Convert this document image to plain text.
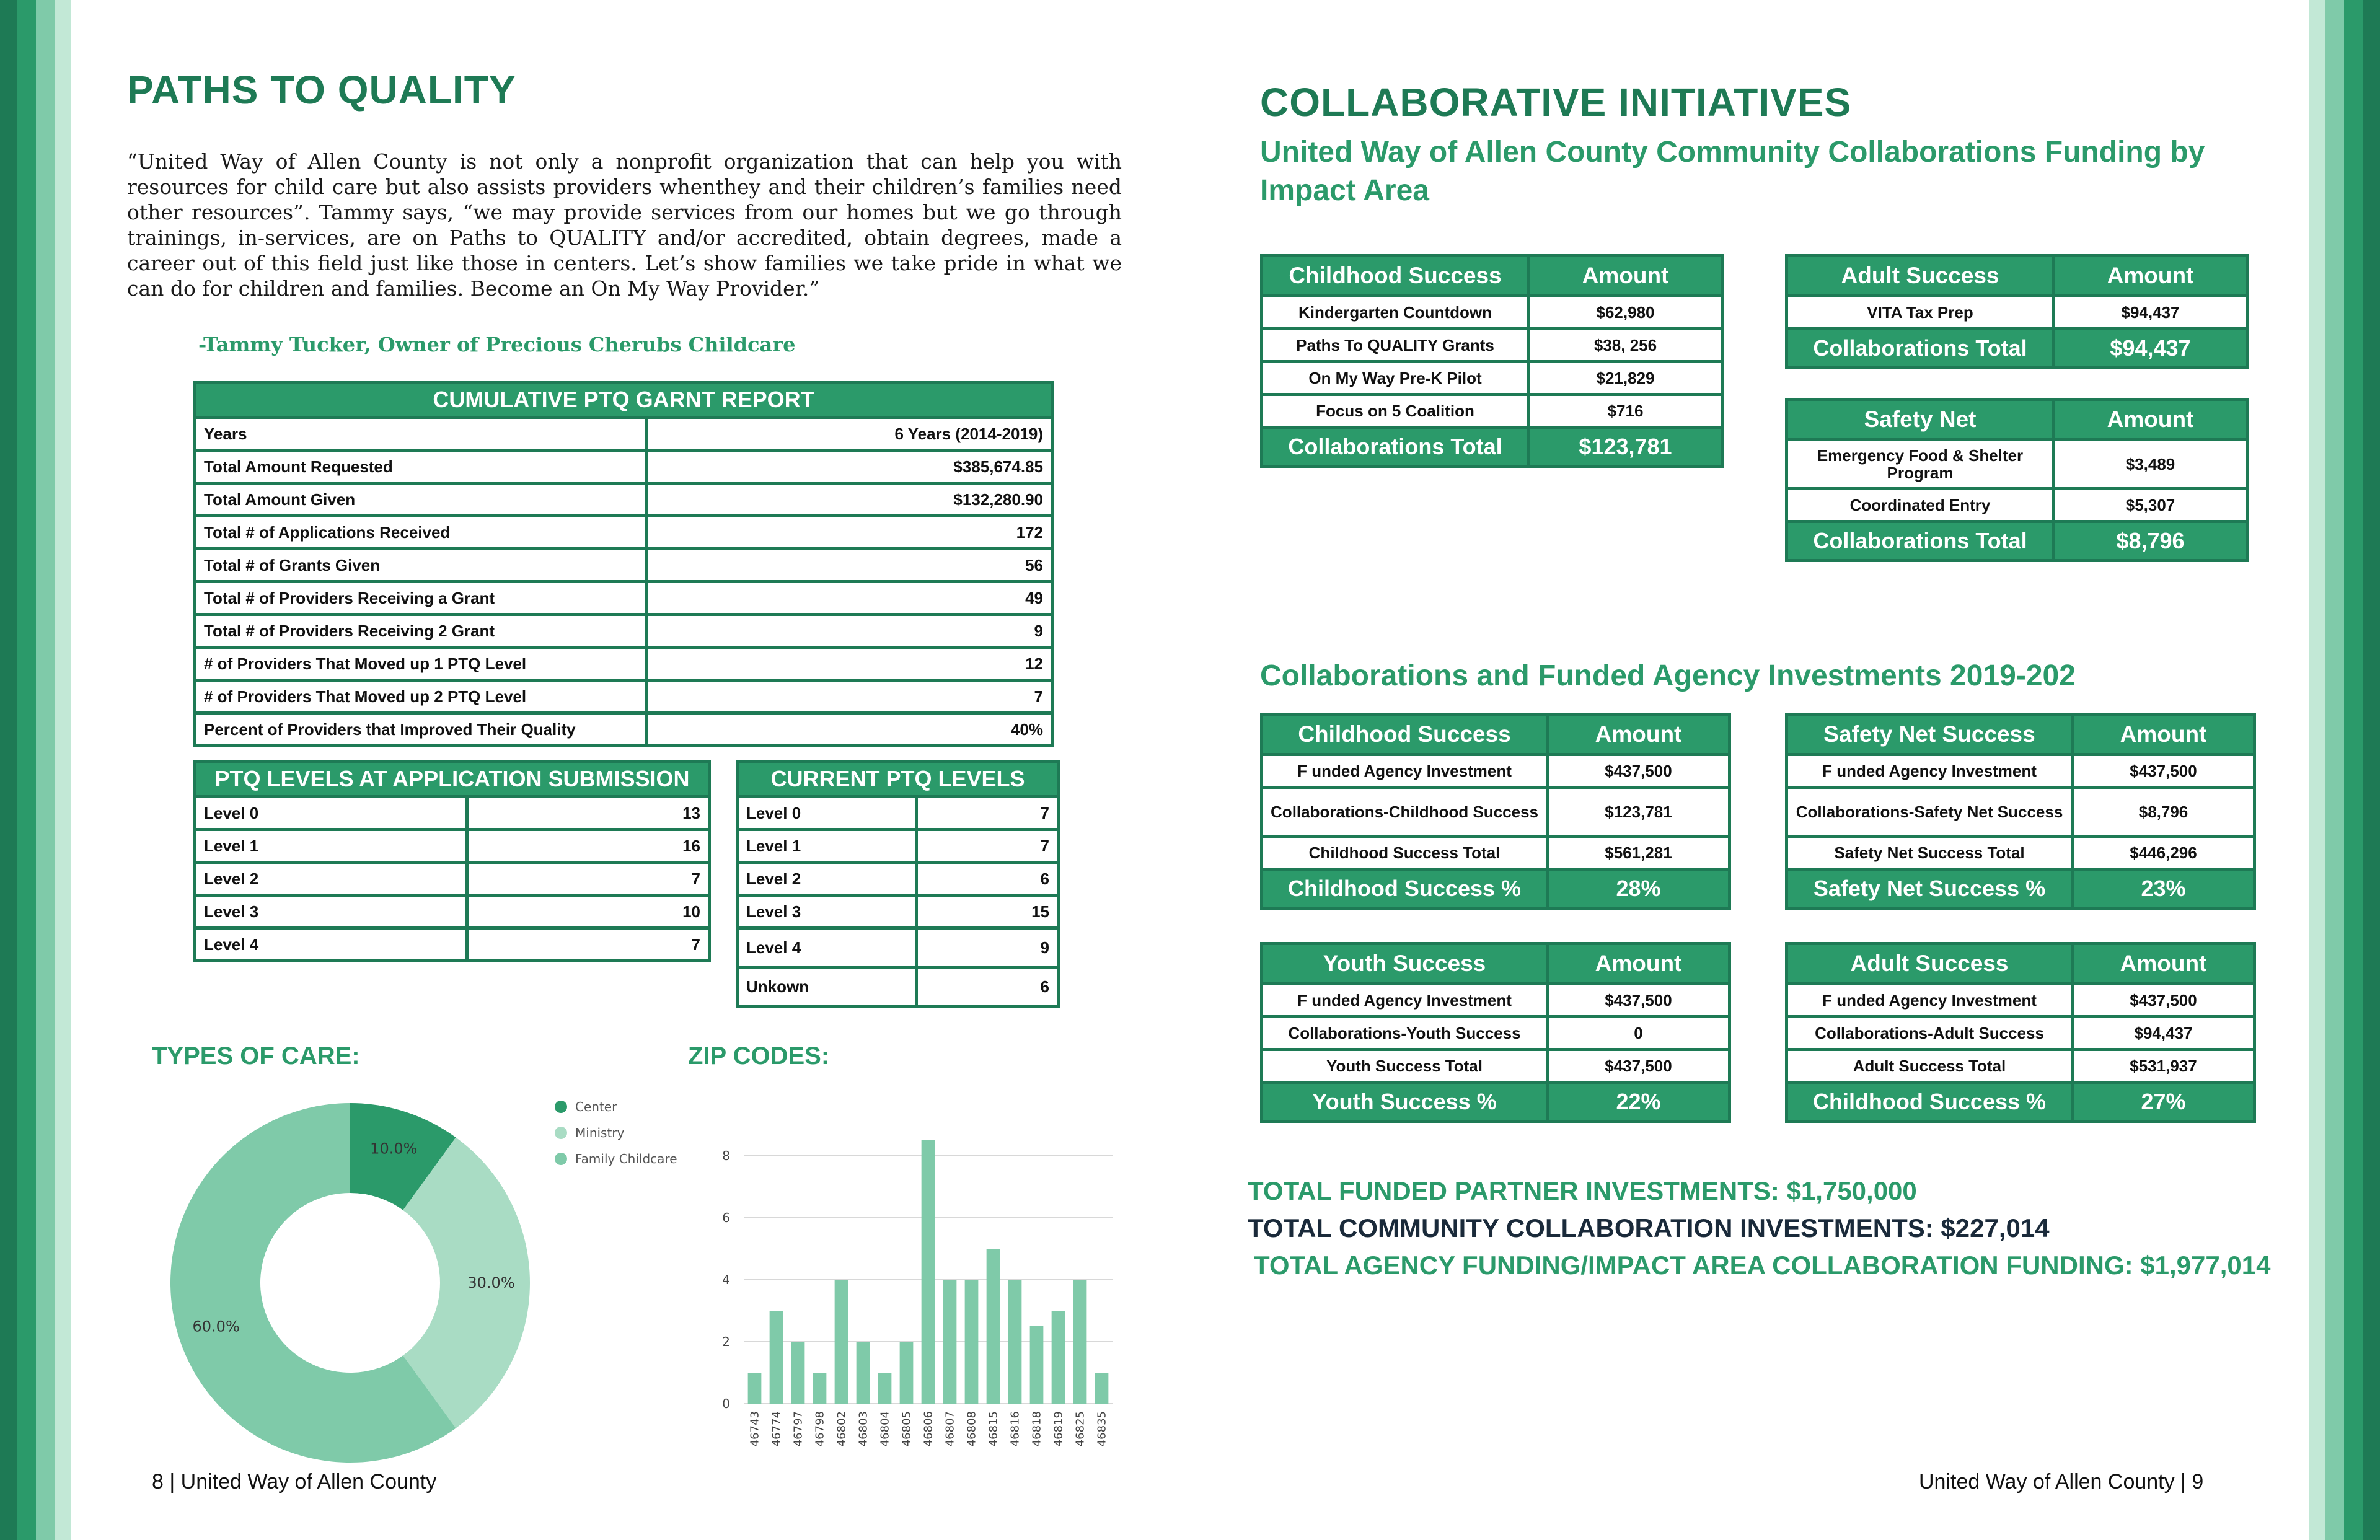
PATHS TO QUALITY
“United Way of Allen County is not only a nonprofit organization that can help you with resources for child care but also assists providers whenthey and their children’s families need other resources”. Tammy says, “we may provide services from our homes but we go through trainings, in-services, are on Paths to QUALITY and/or accredited, obtain degrees, made a career out of this field just like those in centers. Let’s show families we take pride in what we can do for children and families. Become an On My Way Provider.”
-Tammy Tucker, Owner of Precious Cherubs Childcare
CUMULATIVE PTQ GARNT REPORT	
Years	6 Years (2014-2019)
Total Amount Requested	$385,674.85
Total Amount Given	$132,280.90
Total # of Applications Received	172
Total # of Grants Given	56
Total # of Providers Receiving a Grant	49
Total # of Providers Receiving 2 Grant	9
# of Providers That Moved up 1 PTQ Level	12
# of Providers That Moved up 2 PTQ Level	7
Percent of Providers that Improved Their Quality	40%
PTQ LEVELS AT APPLICATION SUBMISSION	
Level 0	13
Level 1	16
Level 2	7
Level 3	10
Level 4	7
CURRENT PTQ LEVELS	
Level 0	7
Level 1	7
Level 2	6
Level 3	15
Level 4	9
Unkown	6
TYPES OF CARE:	ZIP CODES:
10.0%
30.0%
60.0%
Center
Ministry
Family Childcare
0
2
4
6
8
46743 46774 46797 46798 46802 46803 46804 46805 46806 46807 46808 46815 46816 46818 46819 46825 46835
8 | United Way of Allen County
COLLABORATIVE INITIATIVES
United Way of Allen County Community Collaborations Funding by Impact Area
Childhood Success	Amount
Kindergarten Countdown	$62,980
Paths To QUALITY Grants	$38, 256
On My Way Pre-K Pilot	$21,829
Focus on 5 Coalition	$716
Collaborations Total	$123,781
Adult Success	Amount
VITA Tax Prep	$94,437
Collaborations Total	$94,437
Safety Net	Amount
Emergency Food & Shelter Program	$3,489
Coordinated Entry	$5,307
Collaborations Total	$8,796
Collaborations and Funded Agency Investments 2019-202
Childhood Success	Amount
F unded Agency Investment	$437,500
Collaborations-Childhood Success	$123,781
Childhood Success Total	$561,281
Childhood Success %	28%
Safety Net Success	Amount
F unded Agency Investment	$437,500
Collaborations-Safety Net Success	$8,796
Safety Net Success Total	$446,296
Safety Net Success %	23%
Youth Success	Amount
F unded Agency Investment	$437,500
Collaborations-Youth Success	0
Youth Success Total	$437,500
Youth Success %	22%
Adult Success	Amount
F unded Agency Investment	$437,500
Collaborations-Adult Success	$94,437
Adult Success Total	$531,937
Childhood Success %	27%
TOTAL FUNDED PARTNER INVESTMENTS: $1,750,000
TOTAL COMMUNITY COLLABORATION INVESTMENTS: $227,014
TOTAL AGENCY FUNDING/IMPACT AREA COLLABORATION FUNDING: $1,977,014
United Way of Allen County | 9
